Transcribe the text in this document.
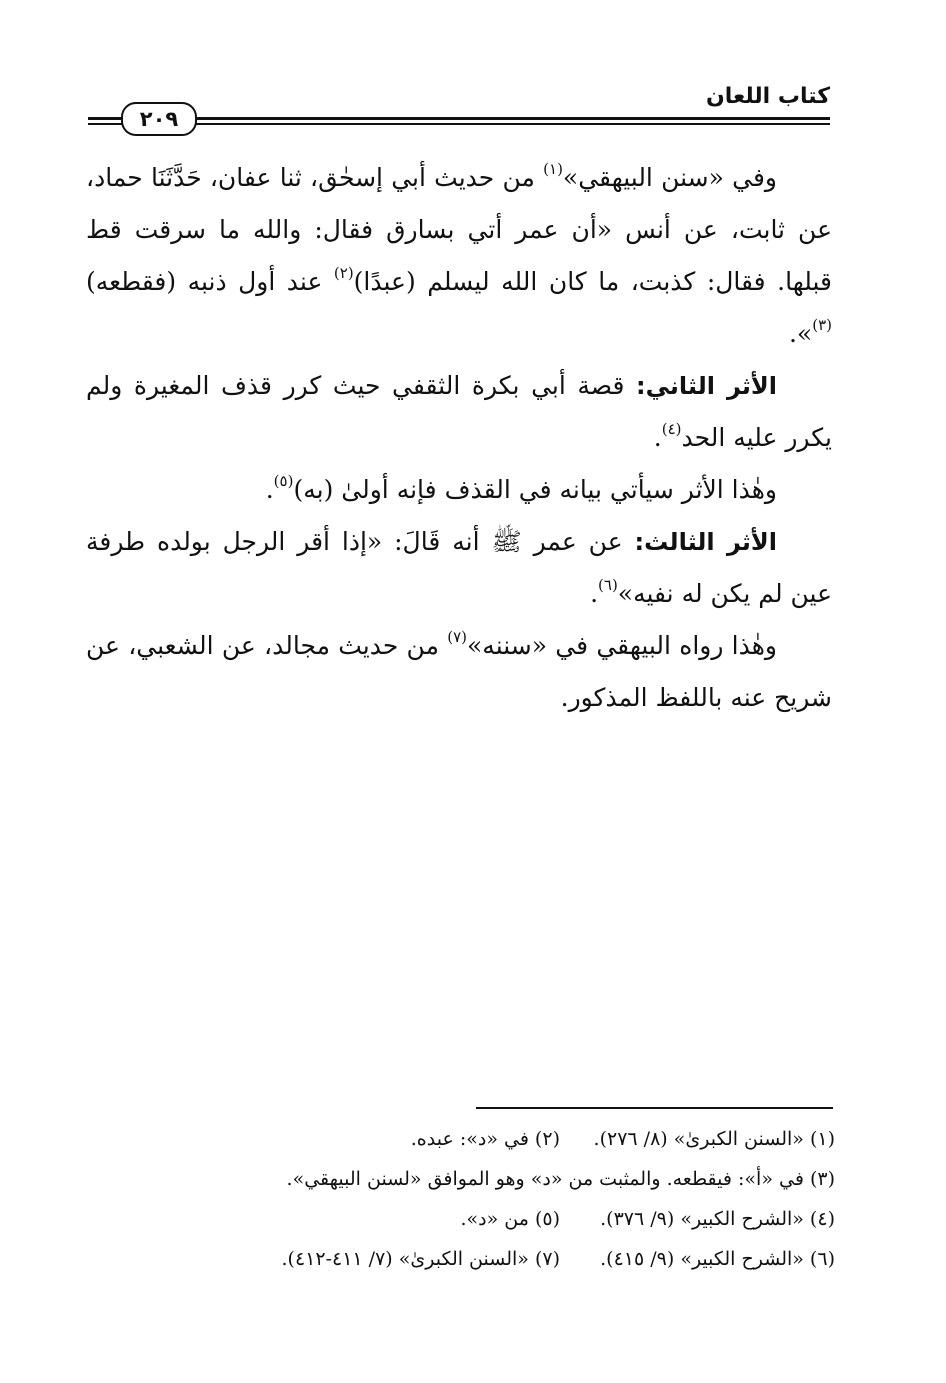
كتاب اللعان
٢٠٩

وفي «سنن البيهقي»$^{(١)}$ من حديث أبي إسحٰق، ثنا عفان، حَدَّثَنَا حماد، عن ثابت، عن أنس «أن عمر أتي بسارق فقال: والله ما سرقت قط قبلها. فقال: كذبت، ما كان الله ليسلم (عبدًا)$^{(٢)}$ عند أول ذنبه (فقطعه)$^{(٣)}$».

الأثر الثاني: قصة أبي بكرة الثقفي حيث كرر قذف المغيرة ولم يكرر عليه الحد$^{(٤)}$.

وهٰذا الأثر سيأتي بيانه في القذف فإنه أولىٰ (به)$^{(٥)}$.

الأثر الثالث: عن عمر ﷺ أنه قَالَ: «إذا أقر الرجل بولده طرفة عين لم يكن له نفيه»$^{(٦)}$.

وهٰذا رواه البيهقي في «سننه»$^{(٧)}$ من حديث مجالد، عن الشعبي، عن شريح عنه باللفظ المذكور.

(١) «السنن الكبرىٰ» (٨/ ٢٧٦).
(٢) في «د»: عبده.
(٣) في «أ»: فيقطعه. والمثبت من «د» وهو الموافق «لسنن البيهقي».
(٤) «الشرح الكبير» (٩/ ٣٧٦).
(٥) من «د».
(٦) «الشرح الكبير» (٩/ ٤١٥).
(٧) «السنن الكبرىٰ» (٧/ ٤١١-٤١٢).
